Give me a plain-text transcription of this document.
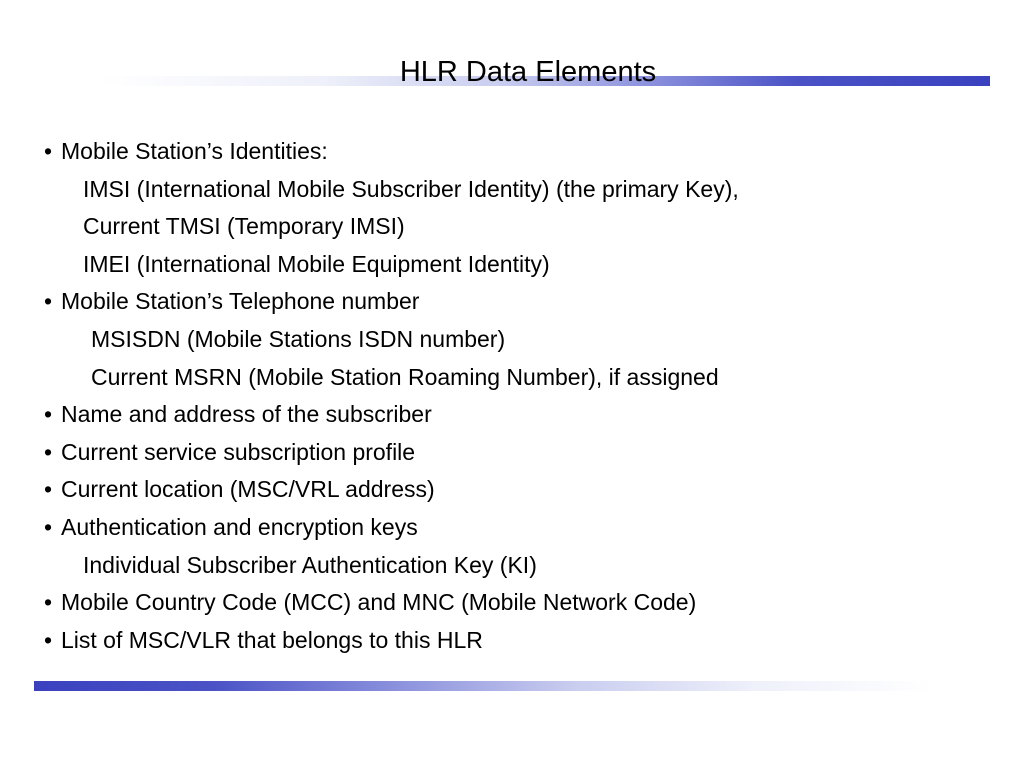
HLR Data Elements
• Mobile Station’s Identities:
IMSI (International Mobile Subscriber Identity) (the primary Key),
Current TMSI (Temporary IMSI)
IMEI (International Mobile Equipment Identity)
• Mobile Station’s Telephone number
MSISDN (Mobile Stations ISDN number)
Current MSRN (Mobile Station Roaming Number), if assigned
• Name and address of the subscriber
• Current service subscription profile
• Current location (MSC/VRL address)
• Authentication and encryption keys
Individual Subscriber Authentication Key (KI)
• Mobile Country Code (MCC) and MNC (Mobile Network Code)
• List of MSC/VLR that belongs to this HLR
